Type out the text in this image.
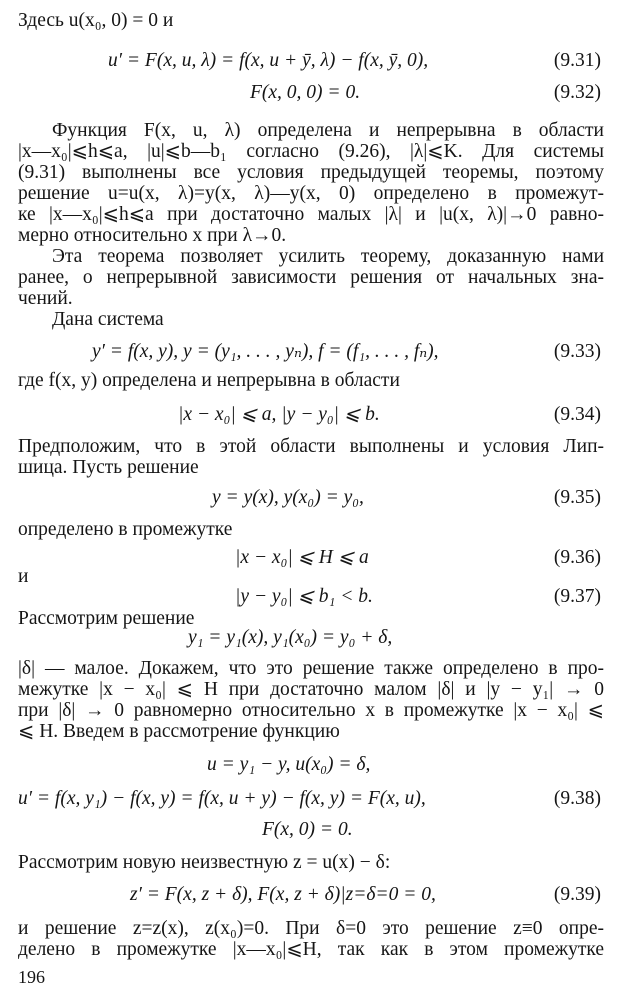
Здесь u(x₀, 0) = 0 и
u′ = F(x, u, λ) = f(x, u + ȳ, λ) − f(x, ȳ, 0),	(9.31)
F(x, 0, 0) = 0.	(9.32)
Функция F(x, u, λ) определена и непрерывна в области
|x—x₀|⩽h⩽a, |u|⩽b—b₁ согласно (9.26), |λ|⩽K. Для системы
(9.31) выполнены все условия предыдущей теоремы, поэтому
решение u=u(x, λ)=y(x, λ)—y(x, 0) определено в промежут-
ке |x—x₀|⩽h⩽a при достаточно малых |λ| и |u(x, λ)|→0 равно-
мерно относительно x при λ→0.
Эта теорема позволяет усилить теорему, доказанную нами
ранее, о непрерывной зависимости решения от начальных зна-
чений.
Дана система
y′ = f(x, y), y = (y₁, . . . , yₙ), f = (f₁, . . . , fₙ),	(9.33)
где f(x, y) определена и непрерывна в области
|x − x₀| ⩽ a, |y − y₀| ⩽ b.	(9.34)
Предположим, что в этой области выполнены и условия Лип-
шица. Пусть решение
y = y(x), y(x₀) = y₀,	(9.35)
определено в промежутке
|x − x₀| ⩽ H ⩽ a	(9.36)
и
|y − y₀| ⩽ b₁ < b.	(9.37)
Рассмотрим решение
y₁ = y₁(x), y₁(x₀) = y₀ + δ,
|δ| — малое. Докажем, что это решение также определено в про-
межутке |x − x₀| ⩽ H при достаточно малом |δ| и |y − y₁| → 0
при |δ| → 0 равномерно относительно x в промежутке |x − x₀| ⩽
⩽ H. Введем в рассмотрение функцию
u = y₁ − y, u(x₀) = δ,
u′ = f(x, y₁) − f(x, y) = f(x, u + y) − f(x, y) = F(x, u),	(9.38)
F(x, 0) = 0.
Рассмотрим новую неизвестную z = u(x) − δ:
z′ = F(x, z + δ), F(x, z + δ)|z=δ=0 = 0,	(9.39)
и решение z=z(x), z(x₀)=0. При δ=0 это решение z≡0 опре-
делено в промежутке |x—x₀|⩽H, так как в этом промежутке
196
